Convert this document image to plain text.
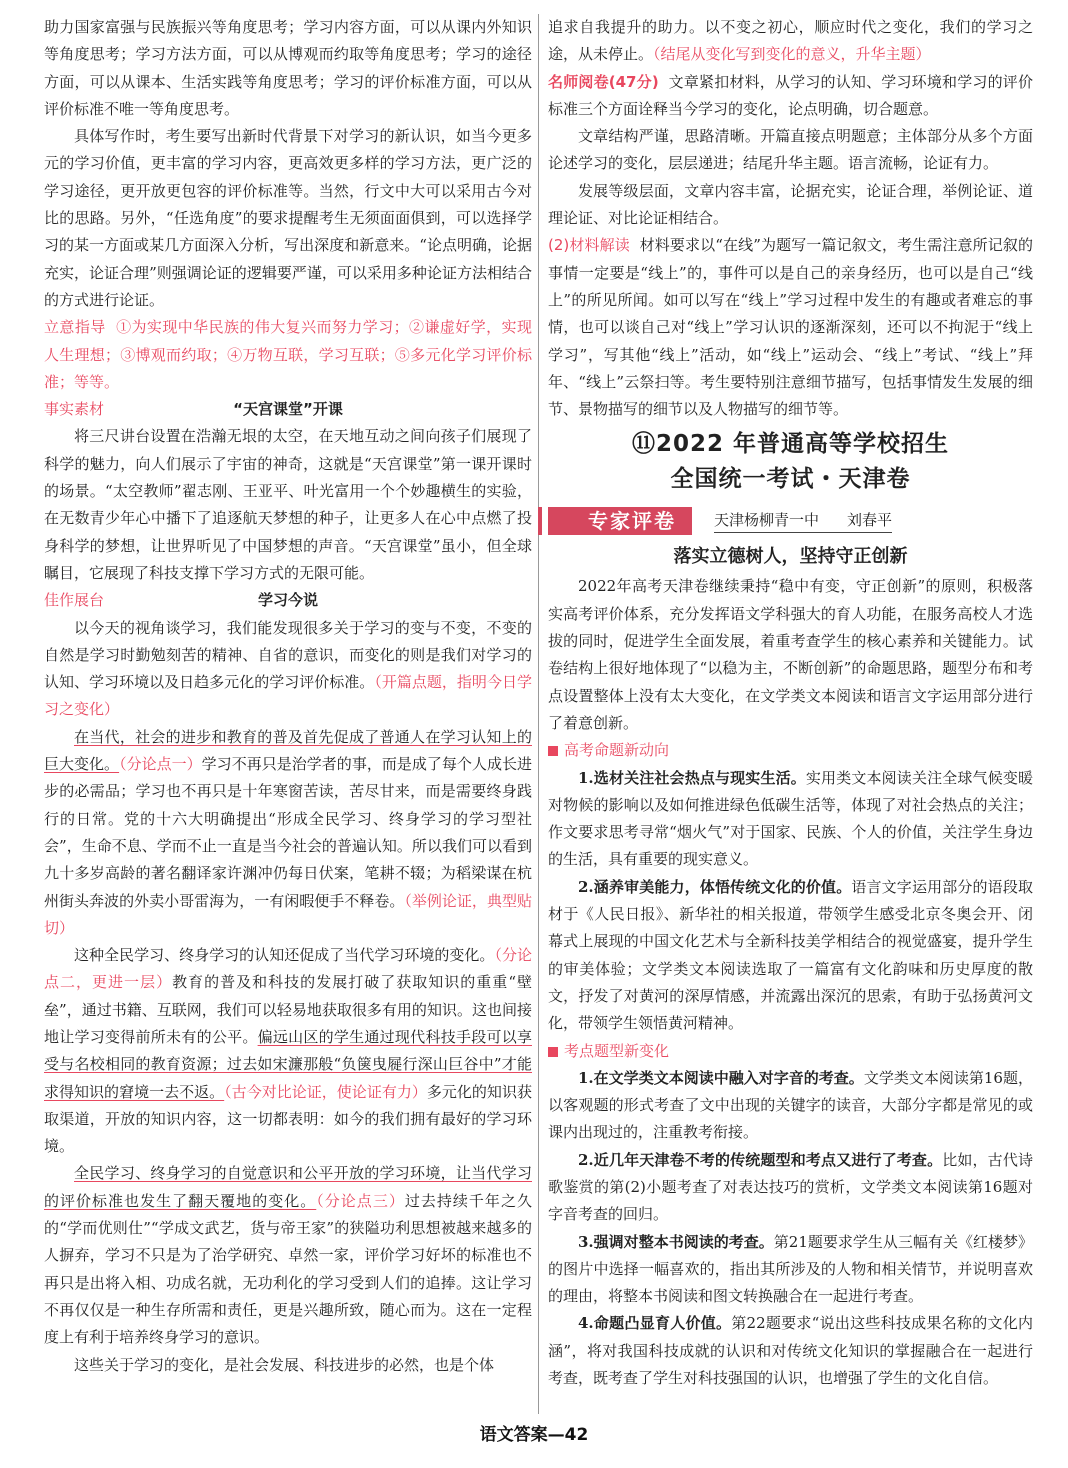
助力国家富强与民族振兴等角度思考；学习内容方面，可以从课内外知识等角度思考；学习方法方面，可以从博观而约取等角度思考；学习的途径方面，可以从课本、生活实践等角度思考；学习的评价标准方面，可以从评价标准不唯一等角度思考。

具体写作时，考生要写出新时代背景下对学习的新认识，如当今更多元的学习价值，更丰富的学习内容，更高效更多样的学习方法，更广泛的学习途径，更开放更包容的评价标准等。当然，行文中大可以采用古今对比的思路。另外，“任选角度”的要求提醒考生无须面面俱到，可以选择学习的某一方面或某几方面深入分析，写出深度和新意来。“论点明确，论据充实，论证合理”则强调论证的逻辑要严谨，可以采用多种论证方法相结合的方式进行论证。

立意指导 ①为实现中华民族的伟大复兴而努力学习；②谦虚好学，实现人生理想；③博观而约取；④万物互联，学习互联；⑤多元化学习评价标准；等等。

事实素材	“天宫课堂”开课

将三尺讲台设置在浩瀚无垠的太空，在天地互动之间向孩子们展现了科学的魅力，向人们展示了宇宙的神奇，这就是“天宫课堂”第一课开课时的场景。“太空教师”翟志刚、王亚平、叶光富用一个个妙趣横生的实验，在无数青少年心中播下了追逐航天梦想的种子，让更多人在心中点燃了投身科学的梦想，让世界听见了中国梦想的声音。“天宫课堂”虽小，但全球瞩目，它展现了科技支撑下学习方式的无限可能。

佳作展台	学习今说

以今天的视角谈学习，我们能发现很多关于学习的变与不变，不变的自然是学习时勤勉刻苦的精神、自省的意识，而变化的则是我们对学习的认知、学习环境以及日趋多元化的学习评价标准。（开篇点题，指明今日学习之变化）

在当代，社会的进步和教育的普及首先促成了普通人在学习认知上的巨大变化。（分论点一）学习不再只是治学者的事，而是成了每个人成长进步的必需品；学习也不再只是十年寒窗苦读，苦尽甘来，而是需要终身践行的日常。党的十六大明确提出“形成全民学习、终身学习的学习型社会”，生命不息、学而不止一直是当今社会的普遍认知。所以我们可以看到九十多岁高龄的著名翻译家许渊冲仍每日伏案，笔耕不辍；为稻梁谋在杭州街头奔波的外卖小哥雷海为，一有闲暇便手不释卷。（举例论证，典型贴切）

这种全民学习、终身学习的认知还促成了当代学习环境的变化。（分论点二，更进一层）教育的普及和科技的发展打破了获取知识的重重“壁垒”，通过书籍、互联网，我们可以轻易地获取很多有用的知识。这也间接地让学习变得前所未有的公平。偏远山区的学生通过现代科技手段可以享受与名校相同的教育资源；过去如宋濂那般“负箧曳屣行深山巨谷中”才能求得知识的窘境一去不返。（古今对比论证，使论证有力）多元化的知识获取渠道，开放的知识内容，这一切都表明：如今的我们拥有最好的学习环境。

全民学习、终身学习的自觉意识和公平开放的学习环境，让当代学习的评价标准也发生了翻天覆地的变化。（分论点三）过去持续千年之久的“学而优则仕”“学成文武艺，货与帝王家”的狭隘功利思想被越来越多的人摒弃，学习不只是为了治学研究、卓然一家，评价学习好坏的标准也不再只是出将入相、功成名就，无功利化的学习受到人们的追捧。这让学习不再仅仅是一种生存所需和责任，更是兴趣所致，随心而为。这在一定程度上有利于培养终身学习的意识。

这些关于学习的变化，是社会发展、科技进步的必然，也是个体

追求自我提升的助力。以不变之初心，顺应时代之变化，我们的学习之途，从未停止。（结尾从变化写到变化的意义，升华主题）

名师阅卷(47分) 文章紧扣材料，从学习的认知、学习环境和学习的评价标准三个方面诠释当今学习的变化，论点明确，切合题意。

文章结构严谨，思路清晰。开篇直接点明题意；主体部分从多个方面论述学习的变化，层层递进；结尾升华主题。语言流畅，论证有力。

发展等级层面，文章内容丰富，论据充实，论证合理，举例论证、道理论证、对比论证相结合。

(2)材料解读 材料要求以“在线”为题写一篇记叙文，考生需注意所记叙的事情一定要是“线上”的，事件可以是自己的亲身经历，也可以是自己“线上”的所见所闻。如可以写在“线上”学习过程中发生的有趣或者难忘的事情，也可以谈自己对“线上”学习认识的逐渐深刻，还可以不拘泥于“线上学习”，写其他“线上”活动，如“线上”运动会、“线上”考试、“线上”拜年、“线上”云祭扫等。考生要特别注意细节描写，包括事情发生发展的细节、景物描写的细节以及人物描写的细节等。

⑪2022 年普通高等学校招生
全国统一考试・天津卷
专家评卷	天津杨柳青一中 刘春平
落实立德树人，坚持守正创新

2022年高考天津卷继续秉持“稳中有变，守正创新”的原则，积极落实高考评价体系，充分发挥语文学科强大的育人功能，在服务高校人才选拔的同时，促进学生全面发展，着重考查学生的核心素养和关键能力。试卷结构上很好地体现了“以稳为主，不断创新”的命题思路，题型分布和考点设置整体上没有太大变化，在文学类文本阅读和语言文字运用部分进行了着意创新。

高考命题新动向

1.选材关注社会热点与现实生活。实用类文本阅读关注全球气候变暖对物候的影响以及如何推进绿色低碳生活等，体现了对社会热点的关注；作文要求思考寻常“烟火气”对于国家、民族、个人的价值，关注学生身边的生活，具有重要的现实意义。

2.涵养审美能力，体悟传统文化的价值。语言文字运用部分的语段取材于《人民日报》、新华社的相关报道，带领学生感受北京冬奥会开、闭幕式上展现的中国文化艺术与全新科技美学相结合的视觉盛宴，提升学生的审美体验；文学类文本阅读选取了一篇富有文化韵味和历史厚度的散文，抒发了对黄河的深厚情感，并流露出深沉的思索，有助于弘扬黄河文化，带领学生领悟黄河精神。

考点题型新变化

1.在文学类文本阅读中融入对字音的考查。文学类文本阅读第16题，以客观题的形式考查了文中出现的关键字的读音，大部分字都是常见的或课内出现过的，注重教考衔接。

2.近几年天津卷不考的传统题型和考点又进行了考查。比如，古代诗歌鉴赏的第(2)小题考查了对表达技巧的赏析，文学类文本阅读第16题对字音考查的回归。

3.强调对整本书阅读的考查。第21题要求学生从三幅有关《红楼梦》的图片中选择一幅喜欢的，指出其所涉及的人物和相关情节，并说明喜欢的理由，将整本书阅读和图文转换融合在一起进行考查。

4.命题凸显育人价值。第22题要求“说出这些科技成果名称的文化内涵”，将对我国科技成就的认识和对传统文化知识的掌握融合在一起进行考查，既考查了学生对科技强国的认识，也增强了学生的文化自信。

语文答案—42
